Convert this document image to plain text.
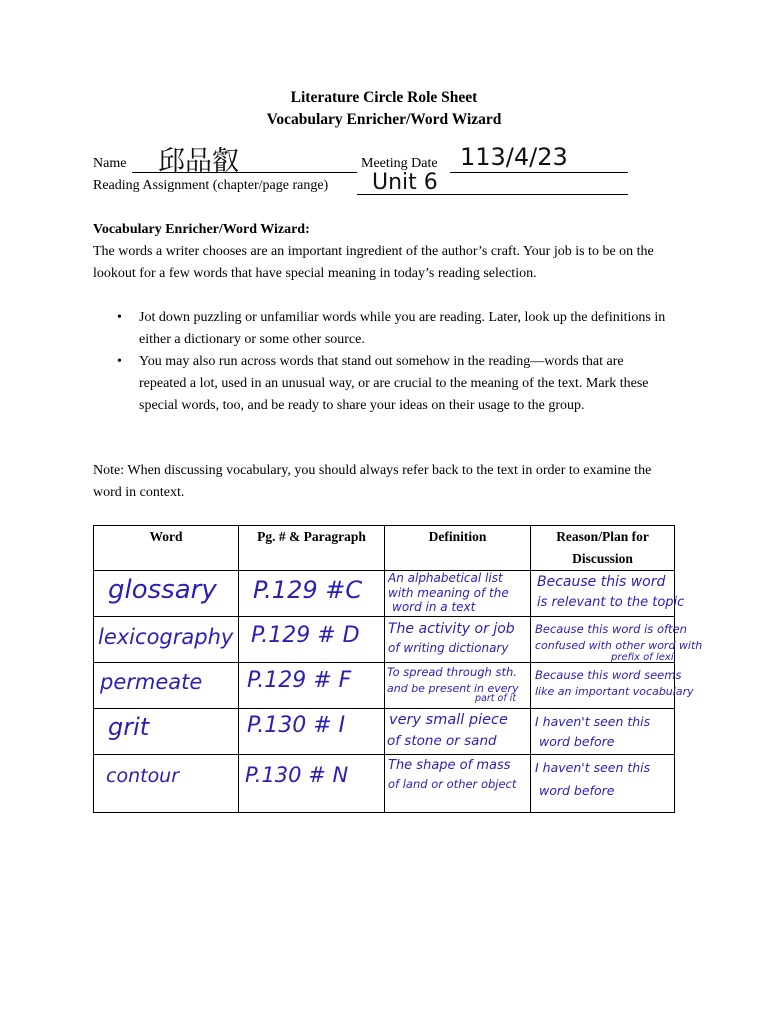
Literature Circle Role Sheet
Vocabulary Enricher/Word Wizard
Name 邱品叡	Meeting Date 113/4/23
Reading Assignment (chapter/page range) Unit 6
Vocabulary Enricher/Word Wizard:
The words a writer chooses are an important ingredient of the author’s craft. Your job is to be on the lookout for a few words that have special meaning in today’s reading selection.
• Jot down puzzling or unfamiliar words while you are reading. Later, look up the definitions in either a dictionary or some other source.
• You may also run across words that stand out somehow in the reading—words that are repeated a lot, used in an unusual way, or are crucial to the meaning of the text. Mark these special words, too, and be ready to share your ideas on their usage to the group.
Note: When discussing vocabulary, you should always refer back to the text in order to examine the word in context.
Word	Pg. # & Paragraph	Definition	Reason/Plan for Discussion

glossary	P.129 #C	An alphabetical list
with meaning of the
word in a text	Because this word
is relevant to the topic

lexicography	P.129 # D	The activity or job
of writing dictionary	Because this word is often
confused with other word with
prefix of lexi

permeate	P.129 # F	To spread through sth.
and be present in every
part of it	Because this word seems
like an important vocabulary

grit	P.130 # I	very small piece
of stone or sand	I haven't seen this
word before

contour	P.130 # N	The shape of mass
of land or other object	I haven't seen this
word before
